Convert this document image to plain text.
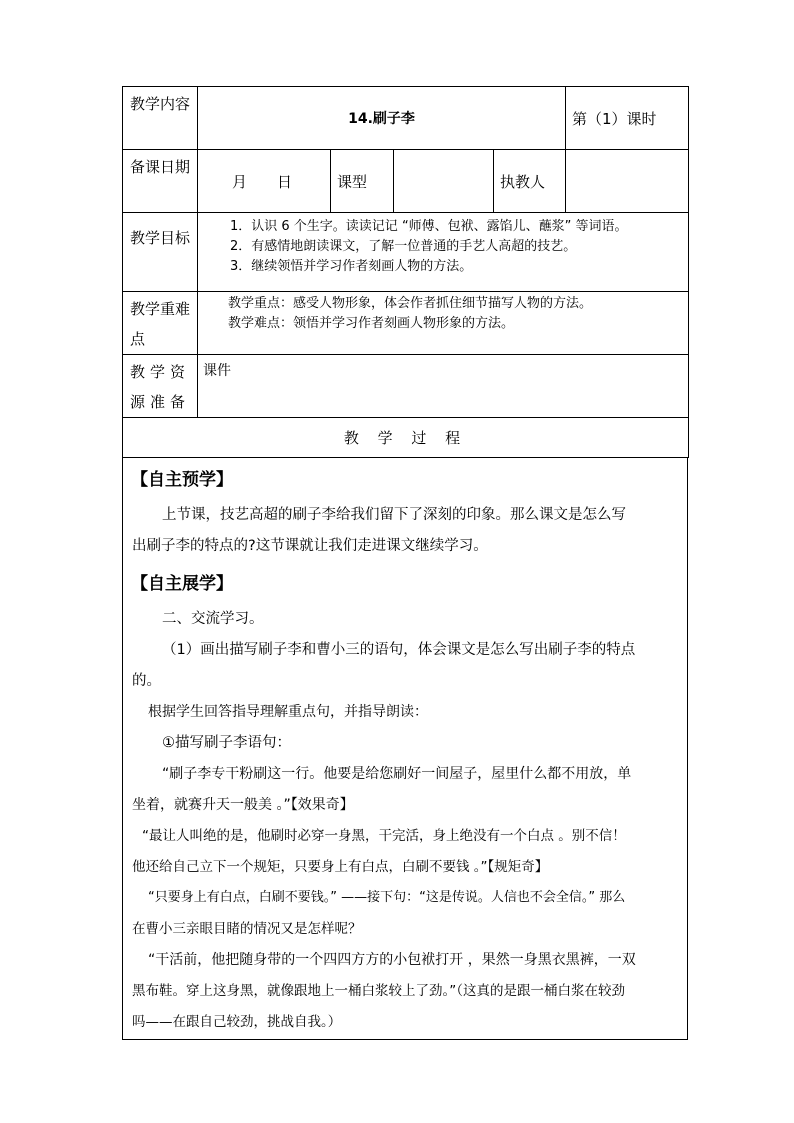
教学内容	14.刷子李				第（1）课时
备课日期	月　　日	课型		执教人	
教学目标	1．认识 6 个生字。读读记记 “师傅、包袱、露馅儿、蘸浆” 等词语。
2．有感情地朗读课文，了解一位普通的手艺人高超的技艺。
3．继续领悟并学习作者刻画人物的方法。				

教学重难点	教学重点：感受人物形象，体会作者抓住细节描写人物的方法。
教学难点：领悟并学习作者刻画人物形象的方法。				

教学资源准备	课件				
教 学 过 程					
【自主预学】
上节课，技艺高超的刷子李给我们留下了深刻的印象。那么课文是怎么写
出刷子李的特点的?这节课就让我们走进课文继续学习。
【自主展学】
二、交流学习。
（1）画出描写刷子李和曹小三的语句，体会课文是怎么写出刷子李的特点
的。
根据学生回答指导理解重点句，并指导朗读：
①描写刷子李语句：
“刷子李专干粉刷这一行。他要是给您刷好一间屋子，屋里什么都不用放，单
坐着，就赛升天一般美 。”【效果奇】
“最让人叫绝的是，他刷时必穿一身黑，干完活，身上绝没有一个白点 。别不信！
他还给自己立下一个规矩，只要身上有白点，白刷不要钱 。”【规矩奇】
“只要身上有白点，白刷不要钱。” ——接下句：“这是传说。人信也不会全信。” 那么
在曹小三亲眼目睹的情况又是怎样呢？
“干活前，他把随身带的一个四四方方的小包袱打开 ，果然一身黑衣黑裤，一双
黑布鞋。穿上这身黑，就像跟地上一桶白浆较上了劲。”（这真的是跟一桶白浆在较劲
吗——在跟自己较劲，挑战自我。）
